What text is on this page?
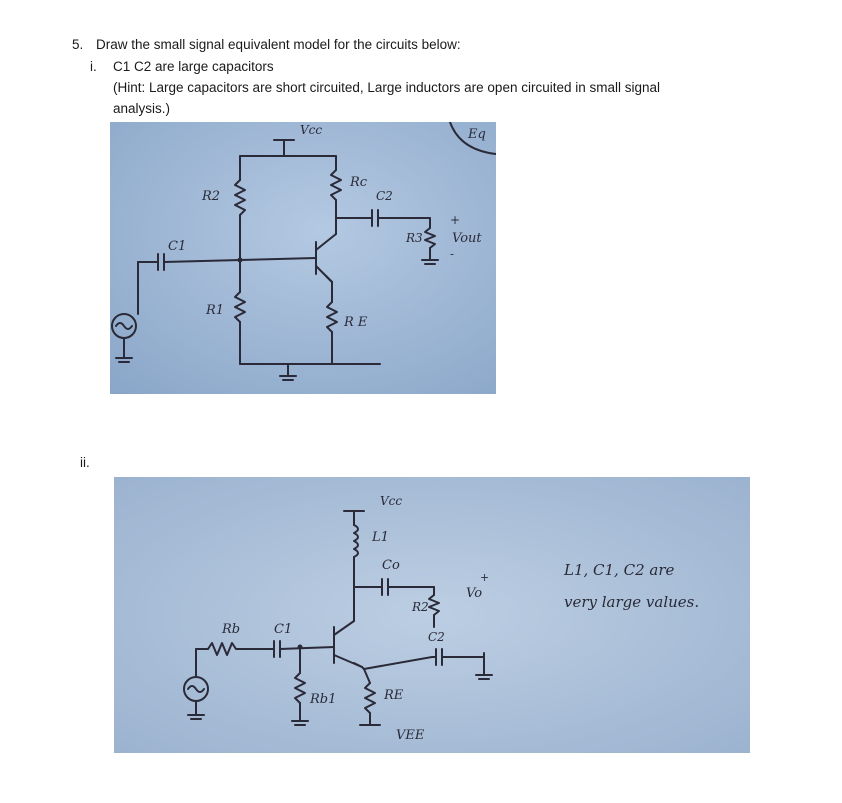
5. Draw the small signal equivalent model for the circuits below:
i. C1 C2 are large capacitors
(Hint: Large capacitors are short circuited, Large inductors are open circuited in small signal
analysis.)
Vcc
Rc
C2
R2
C1
R3
+
Vout
-
R1
R E
Eq
ii.
Vcc
L1
Co
R2
+
Vo
Rb	C1	C2
Rb1	RE
VEE
L1, C1, C2 are
very large values.
